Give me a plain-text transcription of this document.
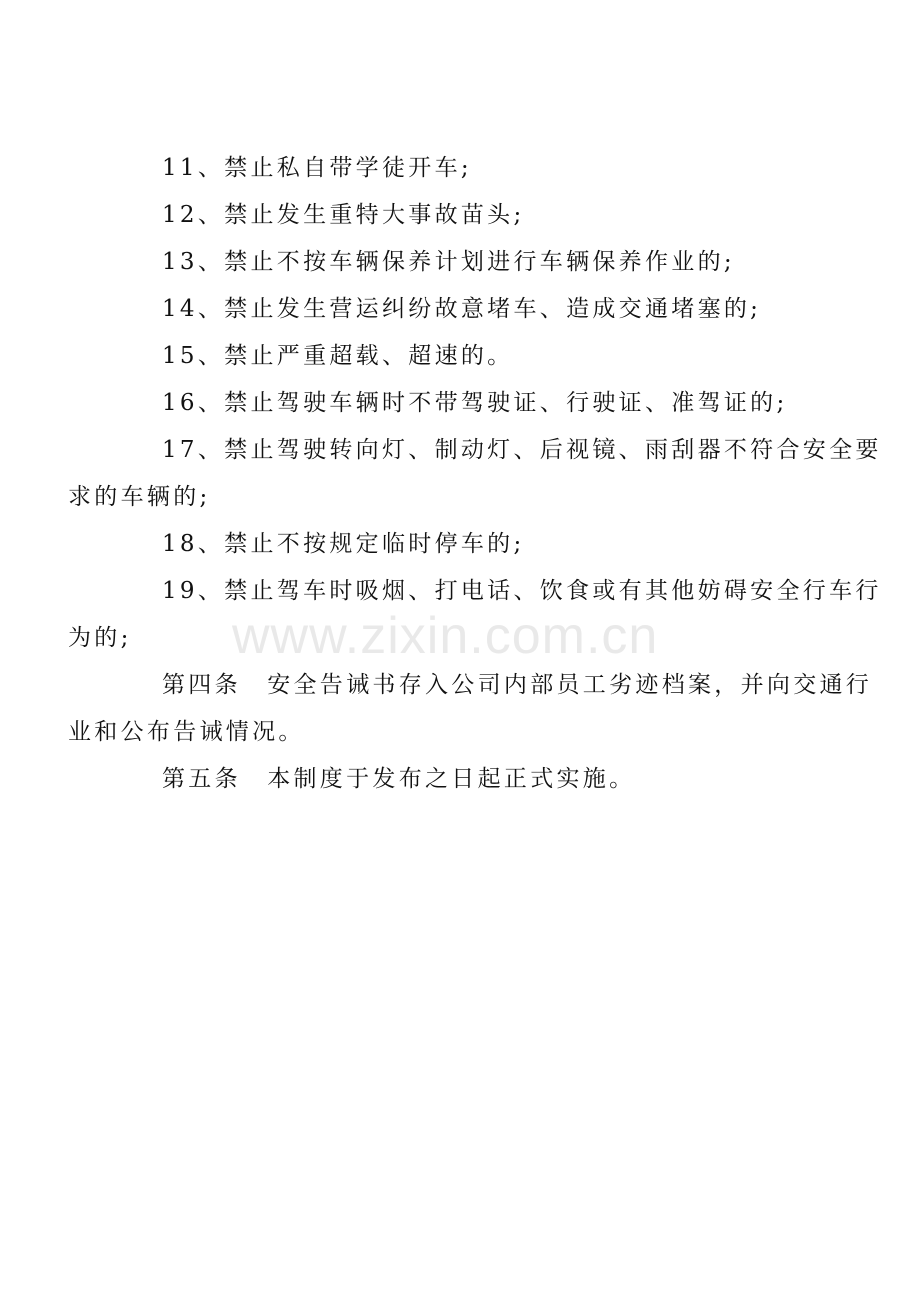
11、禁止私自带学徒开车;

12、禁止发生重特大事故苗头;

13、禁止不按车辆保养计划进行车辆保养作业的;

14、禁止发生营运纠纷故意堵车、造成交通堵塞的;

15、禁止严重超载、超速的。

16、禁止驾驶车辆时不带驾驶证、行驶证、准驾证的;

17、禁止驾驶转向灯、制动灯、后视镜、雨刮器不符合安全要
求的车辆的;

18、禁止不按规定临时停车的;

19、禁止驾车时吸烟、打电话、饮食或有其他妨碍安全行车行
为的;

第四条　安全告诫书存入公司内部员工劣迹档案，并向交通行
业和公布告诫情况。

第五条　本制度于发布之日起正式实施。

www.zixin.com.cn
